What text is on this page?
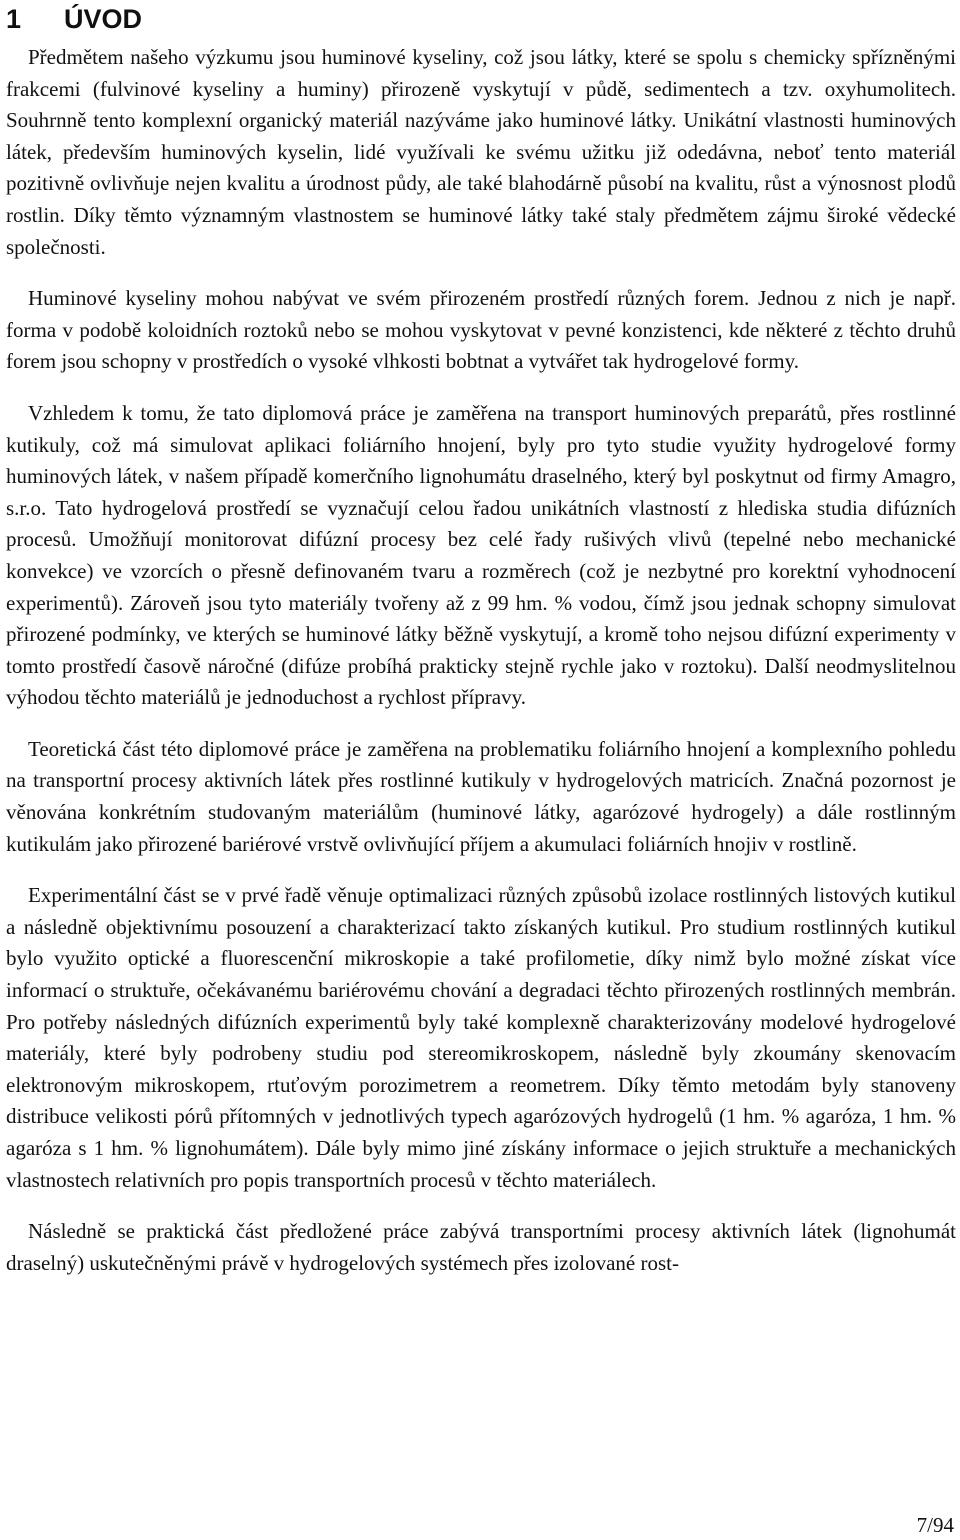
1 ÚVOD

Předmětem našeho výzkumu jsou huminové kyseliny, což jsou látky, které se spolu s chemicky spřízněnými frakcemi (fulvinové kyseliny a huminy) přirozeně vyskytují v půdě, sedimentech a tzv. oxyhumolitech. Souhrnně tento komplexní organický materiál nazýváme jako huminové látky. Unikátní vlastnosti huminových látek, především huminových kyselin, lidé využívali ke svému užitku již odedávna, neboť tento materiál pozitivně ovlivňuje nejen kvalitu a úrodnost půdy, ale také blahodárně působí na kvalitu, růst a výnosnost plodů rostlin. Díky těmto významným vlastnostem se huminové látky také staly předmětem zájmu široké vědecké společnosti.

Huminové kyseliny mohou nabývat ve svém přirozeném prostředí různých forem. Jednou z nich je např. forma v podobě koloidních roztoků nebo se mohou vyskytovat v pevné konzistenci, kde některé z těchto druhů forem jsou schopny v prostředích o vysoké vlhkosti bobtnat a vytvářet tak hydrogelové formy.

Vzhledem k tomu, že tato diplomová práce je zaměřena na transport huminových preparátů, přes rostlinné kutikuly, což má simulovat aplikaci foliárního hnojení, byly pro tyto studie využity hydrogelové formy huminových látek, v našem případě komerčního lignohumátu draselného, který byl poskytnut od firmy Amagro, s.r.o. Tato hydrogelová prostředí se vyznačují celou řadou unikátních vlastností z hlediska studia difúzních procesů. Umožňují monitorovat difúzní procesy bez celé řady rušivých vlivů (tepelné nebo mechanické konvekce) ve vzorcích o přesně definovaném tvaru a rozměrech (což je nezbytné pro korektní vyhodnocení experimentů). Zároveň jsou tyto materiály tvořeny až z 99 hm. % vodou, čímž jsou jednak schopny simulovat přirozené podmínky, ve kterých se huminové látky běžně vyskytují, a kromě toho nejsou difúzní experimenty v tomto prostředí časově náročné (difúze probíhá prakticky stejně rychle jako v roztoku). Další neodmyslitelnou výhodou těchto materiálů je jednoduchost a rychlost přípravy.

Teoretická část této diplomové práce je zaměřena na problematiku foliárního hnojení a komplexního pohledu na transportní procesy aktivních látek přes rostlinné kutikuly v hydrogelových matricích. Značná pozornost je věnována konkrétním studovaným materiálům (huminové látky, agarózové hydrogely) a dále rostlinným kutikulám jako přirozené bariérové vrstvě ovlivňující příjem a akumulaci foliárních hnojiv v rostlině.

Experimentální část se v prvé řadě věnuje optimalizaci různých způsobů izolace rostlinných listových kutikul a následně objektivnímu posouzení a charakterizací takto získaných kutikul. Pro studium rostlinných kutikul bylo využito optické a fluorescenční mikroskopie a také profilometie, díky nimž bylo možné získat více informací o struktuře, očekávanému bariérovému chování a degradaci těchto přirozených rostlinných membrán. Pro potřeby následných difúzních experimentů byly také komplexně charakterizovány modelové hydrogelové materiály, které byly podrobeny studiu pod stereomikroskopem, následně byly zkoumány skenovacím elektronovým mikroskopem, rtuťovým porozimetrem a reometrem. Díky těmto metodám byly stanoveny distribuce velikosti pórů přítomných v jednotlivých typech agarózových hydrogelů (1 hm. % agaróza, 1 hm. % agaróza s 1 hm. % lignohumátem). Dále byly mimo jiné získány informace o jejich struktuře a mechanických vlastnostech relativních pro popis transportních procesů v těchto materiálech.

Následně se praktická část předložené práce zabývá transportními procesy aktivních látek (lignohumát draselný) uskutečněnými právě v hydrogelových systémech přes izolované rost-

7/94
